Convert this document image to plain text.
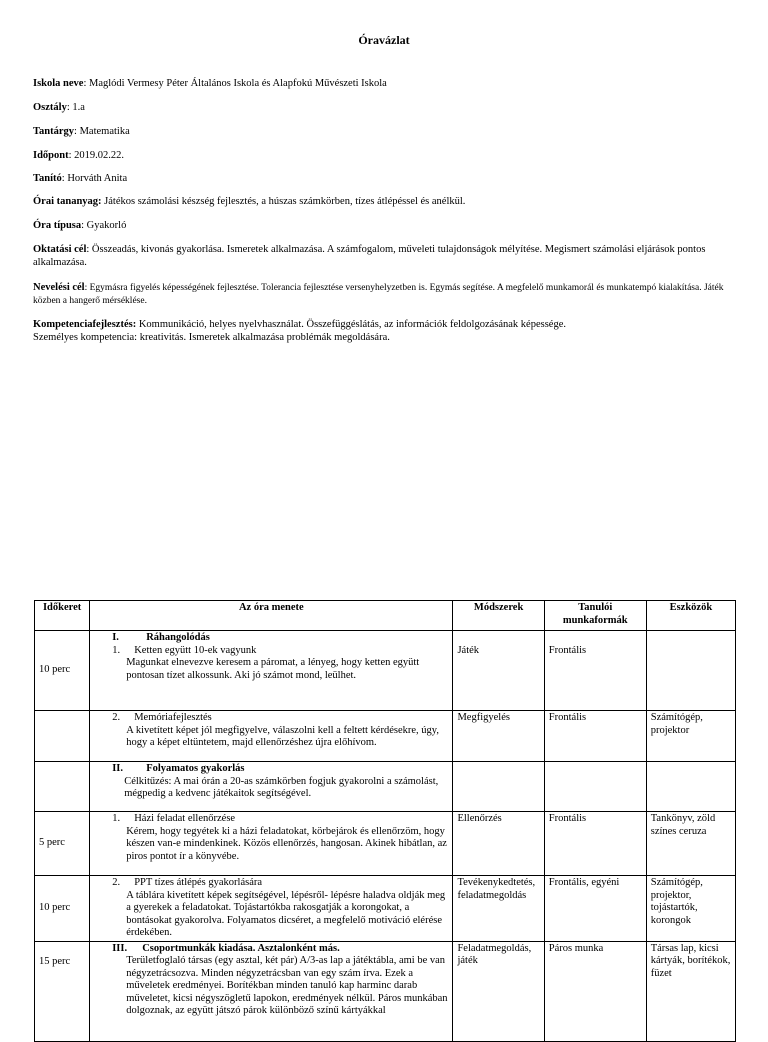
Óravázlat
Iskola neve: Maglódi Vermesy Péter Általános Iskola és Alapfokú Művészeti Iskola
Osztály: 1.a
Tantárgy: Matematika
Időpont: 2019.02.22.
Tanító: Horváth Anita
Órai tananyag: Játékos számolási készség fejlesztés, a húszas számkörben, tízes átlépéssel és anélkül.
Óra típusa: Gyakorló
Oktatási cél: Összeadás, kivonás gyakorlása. Ismeretek alkalmazása. A számfogalom, műveleti tulajdonságok mélyítése. Megismert számolási eljárások pontos alkalmazása.
Nevelési cél: Egymásra figyelés képességének fejlesztése. Tolerancia fejlesztése versenyhelyzetben is. Egymás segítése. A megfelelő munkamorál és munkatempó kialakítása. Játék közben a hangerő mérséklése.
Kompetenciafejlesztés: Kommunikáció, helyes nyelvhasználat. Összefüggéslátás, az információk feldolgozásának képessége.
Személyes kompetencia: kreativitás. Ismeretek alkalmazása problémák megoldására.
Időkeret	Az óra menete	Módszerek	Tanulói munkaformák	Eszközök
10 perc	I. Ráhangolódás
1. Ketten együtt 10-ek vagyunk
Magunkat elnevezve keresem a páromat, a lényeg, hogy ketten együtt pontosan tízet alkossunk. Aki jó számot mond, leülhet.	Játék	Frontális	

	2. Memóriafejlesztés
A kivetített képet jól megfigyelve, válaszolni kell a feltett kérdésekre, úgy, hogy a képet eltüntetem, majd ellenőrzéshez újra előhívom.	Megfigyelés	Frontális	Számítógép, projektor

	II. Folyamatos gyakorlás
Célkitűzés: A mai órán a 20-as számkörben fogjuk gyakorolni a számolást, mégpedig a kedvenc játékaitok segítségével.			

5 perc	1. Házi feladat ellenőrzése
Kérem, hogy tegyétek ki a házi feladatokat, körbejárok és ellenőrzöm, hogy készen van-e mindenkinek. Közös ellenőrzés, hangosan. Akinek hibátlan, az piros pontot ír a könyvébe.	Ellenőrzés	Frontális	Tankönyv, zöld színes ceruza
10 perc	2. PPT tízes átlépés gyakorlására
A táblára kivetített képek segítségével, lépésről- lépésre haladva oldják meg a gyerekek a feladatokat. Tojástartókba rakosgatják a korongokat, a bontásokat gyakorolva. Folyamatos dicséret, a megfelelő motiváció elérése érdekében.	Tevékenykedtetés, feladatmegoldás	Frontális, egyéni	Számítógép, projektor, tojástartók, korongok
15 perc	III. Csoportmunkák kiadása. Asztalonként más.
Területfoglaló társas (egy asztal, két pár) A/3-as lap a játéktábla, ami be van négyzetrácsozva. Minden négyzetrácsban van egy szám írva. Ezek a műveletek eredményei. Borítékban minden tanuló kap harminc darab műveletet, kicsi négyszögletű lapokon, eredmények nélkül. Páros munkában dolgoznak, az együtt játszó párok különböző színű kártyákkal	Feladatmegoldás, játék	Páros munka	Társas lap, kicsi kártyák, borítékok, füzet
